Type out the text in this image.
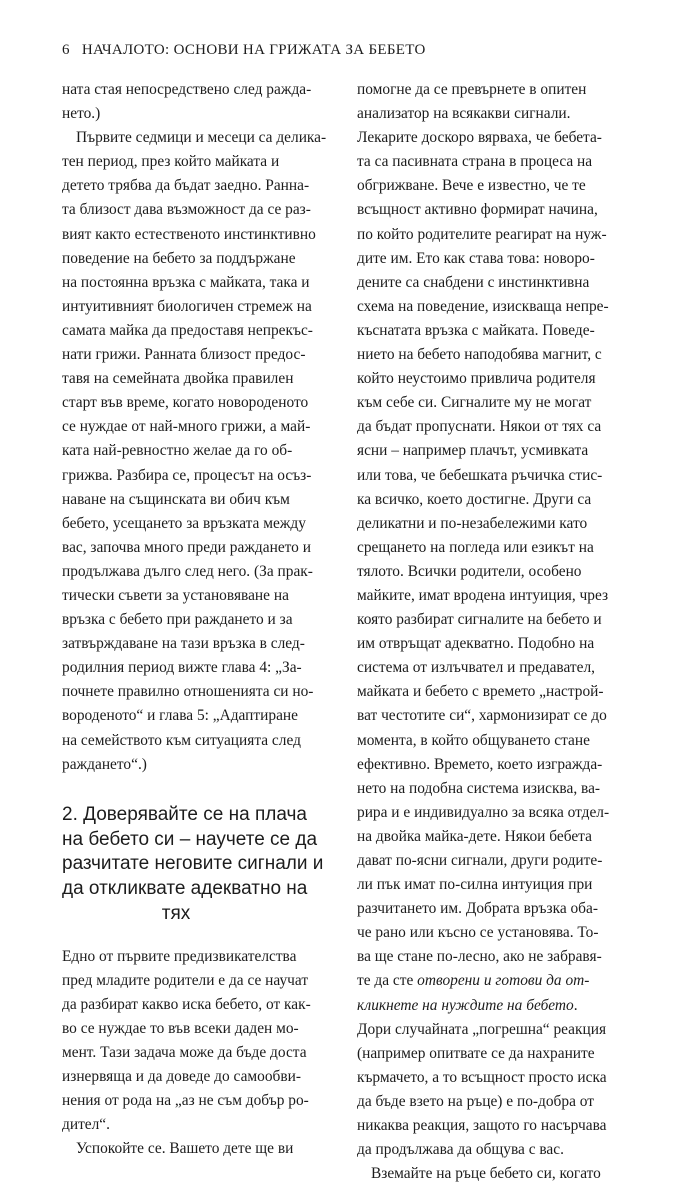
6 НАЧАЛОТО: ОСНОВИ НА ГРИЖАТА ЗА БЕБЕТО
ната стая непосредствено след ражда-
нето.)
Първите седмици и месеци са делика-
тен период, през който майката и
детето трябва да бъдат заедно. Ранна-
та близост дава възможност да се раз-
вият както естественото инстинктивно
поведение на бебето за поддържане
на постоянна връзка с майката, така и
интуитивният биологичен стремеж на
самата майка да предоставя непрекъс-
нати грижи. Ранната близост предос-
тавя на семейната двойка правилен
старт във време, когато новороденото
се нуждае от най-много грижи, а май-
ката най-ревностно желае да го об-
грижва. Разбира се, процесът на осъз-
наване на същинската ви обич към
бебето, усещането за връзката между
вас, започва много преди раждането и
продължава дълго след него. (За прак-
тически съвети за установяване на
връзка с бебето при раждането и за
затвърждаване на тази връзка в след-
родилния период вижте глава 4: „За-
почнете правилно отношенията си но-
вороденото“ и глава 5: „Адаптиране
на семейството към ситуацията след
раждането“.)
2. Доверявайте се на плача
на бебето си – научете се да
разчитате неговите сигнали и
да откликвате адекватно на
тях
Едно от първите предизвикателства
пред младите родители е да се научат
да разбират какво иска бебето, от как-
во се нуждае то във всеки даден мо-
мент. Тази задача може да бъде доста
изнервяща и да доведе до самообви-
нения от рода на „аз не съм добър ро-
дител“.
Успокойте се. Вашето дете ще ви
помогне да се превърнете в опитен
анализатор на всякакви сигнали.
Лекарите доскоро вярваха, че бебета-
та са пасивната страна в процеса на
обгрижване. Вече е известно, че те
всъщност активно формират начина,
по който родителите реагират на нуж-
дите им. Ето как става това: новоро-
дените са снабдени с инстинктивна
схема на поведение, изискваща непре-
къснатата връзка с майката. Поведе-
нието на бебето наподобява магнит, с
който неустоимо привлича родителя
към себе си. Сигналите му не могат
да бъдат пропуснати. Някои от тях са
ясни – например плачът, усмивката
или това, че бебешката ръчичка стис-
ка всичко, което достигне. Други са
деликатни и по-незабележими като
срещането на погледа или езикът на
тялото. Всички родители, особено
майките, имат вродена интуиция, чрез
която разбират сигналите на бебето и
им отвръщат адекватно. Подобно на
система от излъчвател и предавател,
майката и бебето с времето „настрой-
ват честотите си“, хармонизират се до
момента, в който общуването стане
ефективно. Времето, което изгражда-
нето на подобна система изисква, ва-
рира и е индивидуално за всяка отдел-
на двойка майка-дете. Някои бебета
дават по-ясни сигнали, други родите-
ли пък имат по-силна интуиция при
разчитането им. Добрата връзка оба-
че рано или късно се установява. То-
ва ще стане по-лесно, ако не забравя-
те да сте отворени и готови да от-
кликнете на нуждите на бебето.
Дори случайната „погрешна“ реакция
(например опитвате се да нахраните
кърмачето, а то всъщност просто иска
да бъде взето на ръце) е по-добра от
никаква реакция, защото го насърчава
да продължава да общува с вас.
Вземайте на ръце бебето си, когато
